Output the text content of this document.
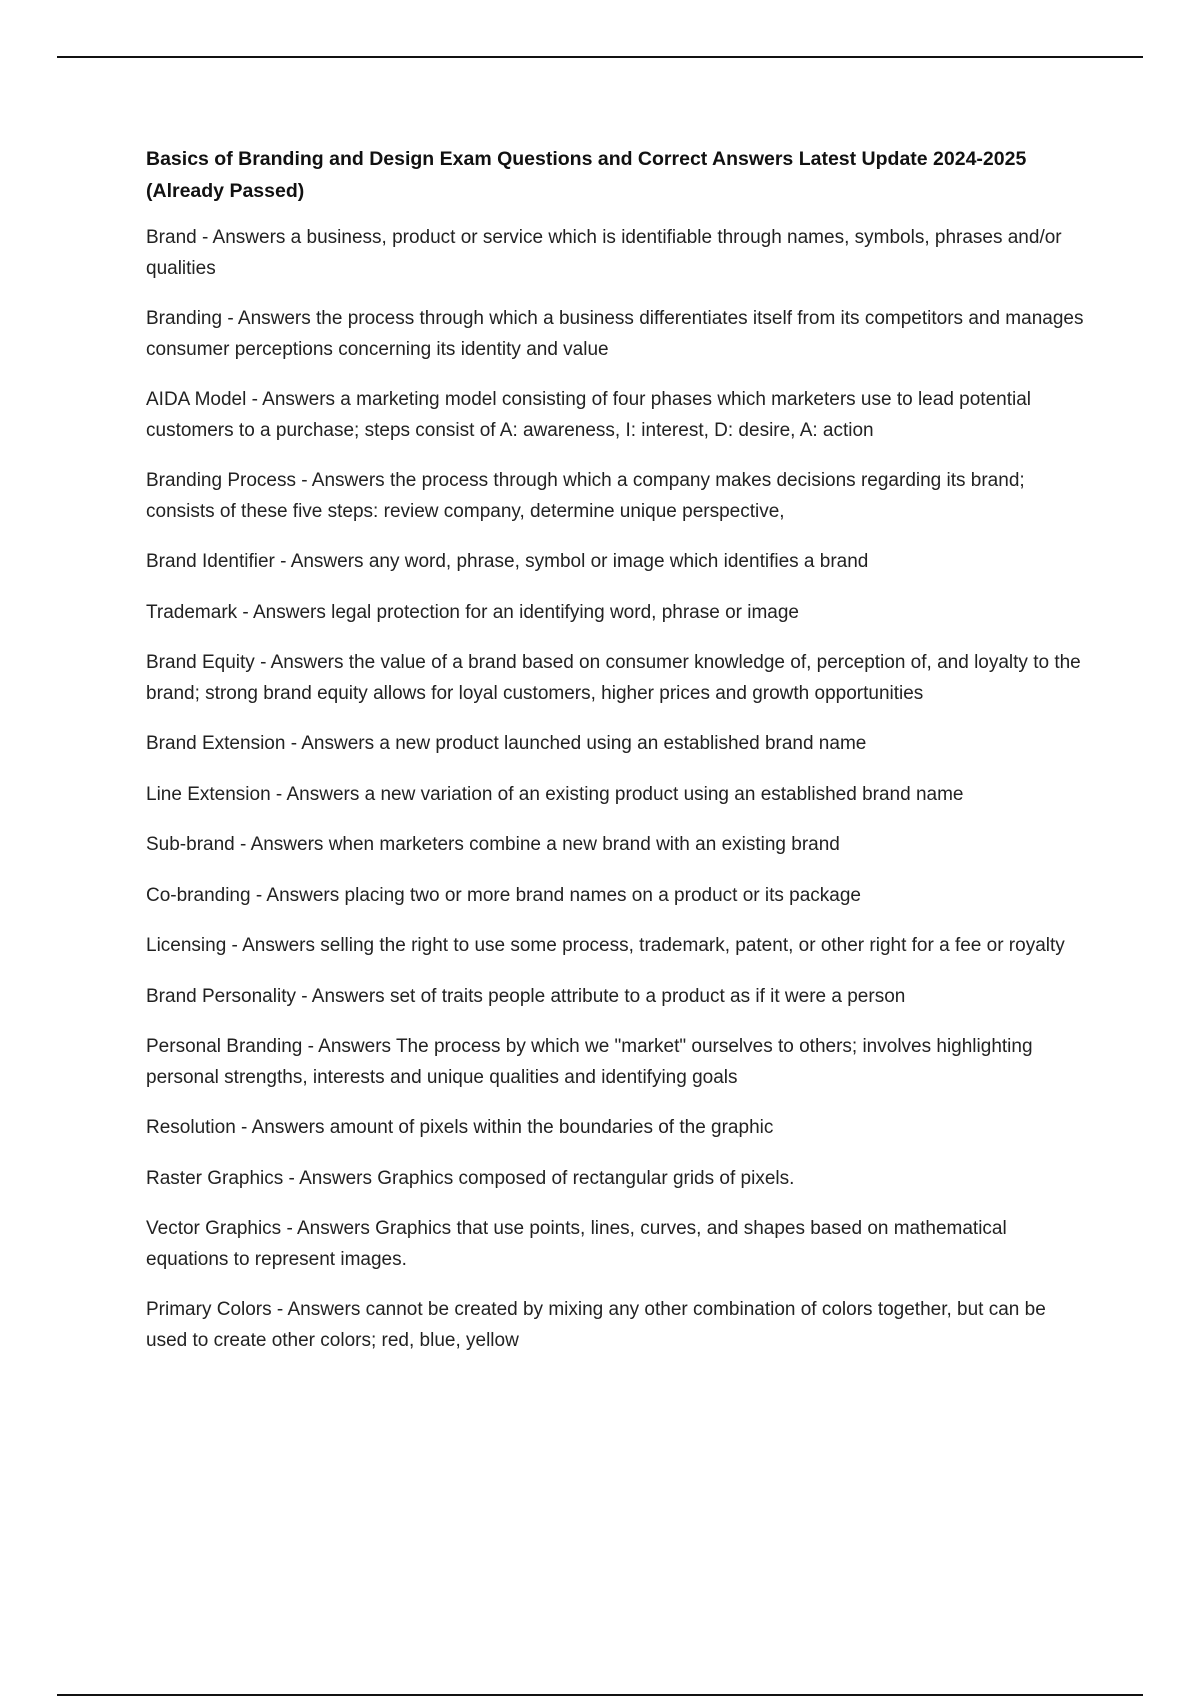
Basics of Branding and Design Exam Questions and Correct Answers Latest Update 2024-2025 (Already Passed)

Brand - Answers a business, product or service which is identifiable through names, symbols, phrases and/or qualities

Branding - Answers the process through which a business differentiates itself from its competitors and manages consumer perceptions concerning its identity and value

AIDA Model - Answers a marketing model consisting of four phases which marketers use to lead potential customers to a purchase; steps consist of A: awareness, I: interest, D: desire, A: action

Branding Process - Answers the process through which a company makes decisions regarding its brand; consists of these five steps: review company, determine unique perspective,

Brand Identifier - Answers any word, phrase, symbol or image which identifies a brand

Trademark - Answers legal protection for an identifying word, phrase or image

Brand Equity - Answers the value of a brand based on consumer knowledge of, perception of, and loyalty to the brand; strong brand equity allows for loyal customers, higher prices and growth opportunities

Brand Extension - Answers a new product launched using an established brand name

Line Extension - Answers a new variation of an existing product using an established brand name

Sub-brand - Answers when marketers combine a new brand with an existing brand

Co-branding - Answers placing two or more brand names on a product or its package

Licensing - Answers selling the right to use some process, trademark, patent, or other right for a fee or royalty

Brand Personality - Answers set of traits people attribute to a product as if it were a person

Personal Branding - Answers The process by which we "market" ourselves to others; involves highlighting personal strengths, interests and unique qualities and identifying goals

Resolution - Answers amount of pixels within the boundaries of the graphic

Raster Graphics - Answers Graphics composed of rectangular grids of pixels.

Vector Graphics - Answers Graphics that use points, lines, curves, and shapes based on mathematical equations to represent images.

Primary Colors - Answers cannot be created by mixing any other combination of colors together, but can be used to create other colors; red, blue, yellow
